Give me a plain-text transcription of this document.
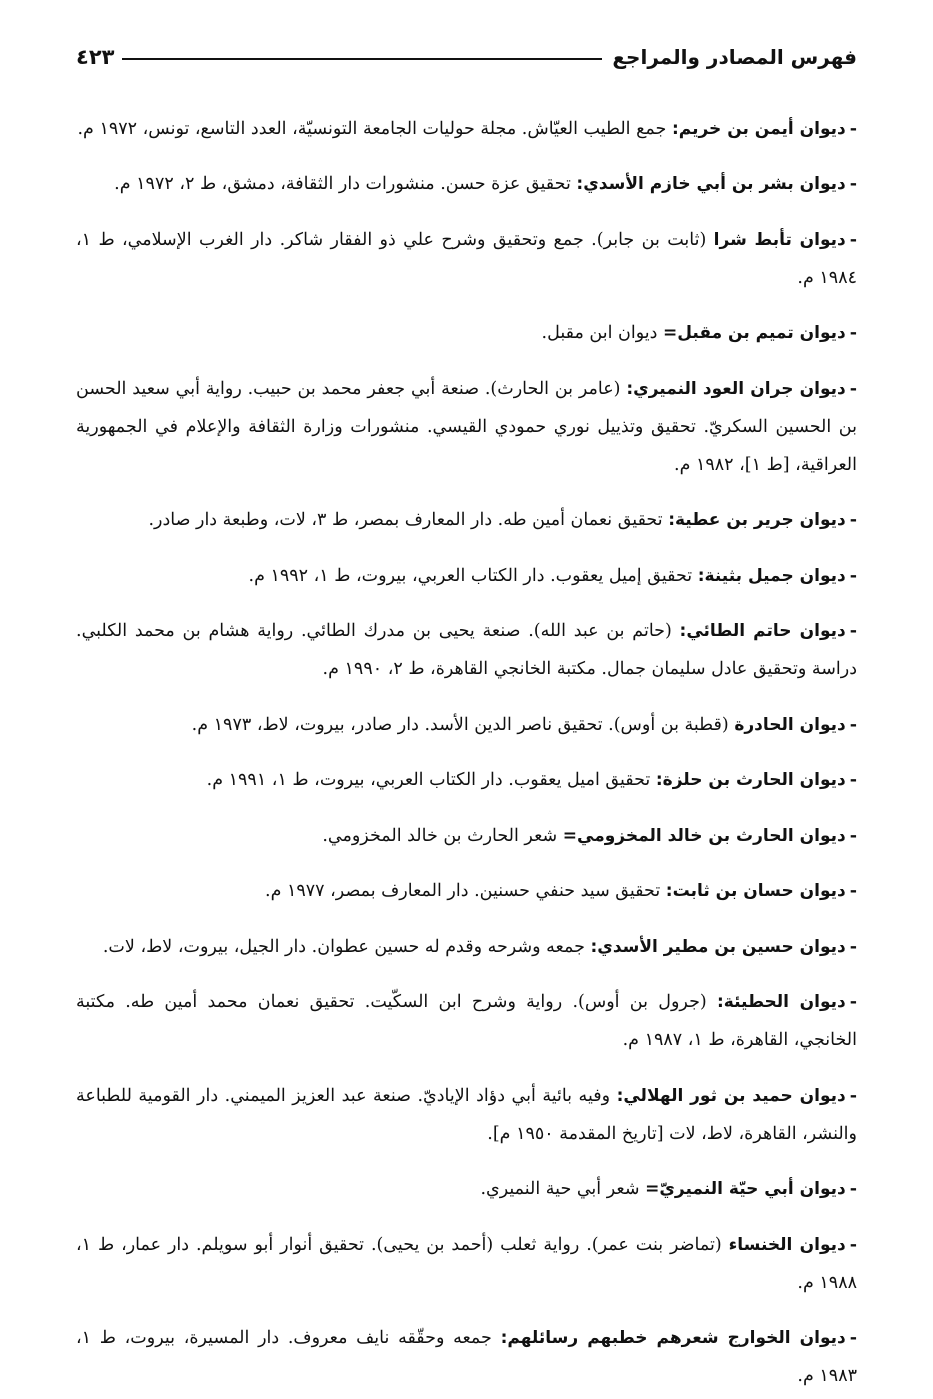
فهرس المصادر والمراجع
٤٢٣

-ديوان أيمن بن خريم: جمع الطيب العيّاش. مجلة حوليات الجامعة التونسيّة، العدد التاسع، تونس، ١٩٧٢ م.

-ديوان بشر بن أبي خازم الأسدي: تحقيق عزة حسن. منشورات دار الثقافة، دمشق، ط ٢، ١٩٧٢ م.

-ديوان تأبط شرا (ثابت بن جابر). جمع وتحقيق وشرح علي ذو الفقار شاكر. دار الغرب الإسلامي، ط ١، ١٩٨٤ م.

-ديوان تميم بن مقبل= ديوان ابن مقبل.

-ديوان جران العود النميري: (عامر بن الحارث). صنعة أبي جعفر محمد بن حبيب. رواية أبي سعيد الحسن بن الحسين السكريّ. تحقيق وتذييل نوري حمودي القيسي. منشورات وزارة الثقافة والإعلام في الجمهورية العراقية، [ط ١]، ١٩٨٢ م.

-ديوان جرير بن عطية: تحقيق نعمان أمين طه. دار المعارف بمصر، ط ٣، لات، وطبعة دار صادر.

-ديوان جميل بثينة: تحقيق إميل يعقوب. دار الكتاب العربي، بيروت، ط ١، ١٩٩٢ م.

-ديوان حاتم الطائي: (حاتم بن عبد الله). صنعة يحيى بن مدرك الطائي. رواية هشام بن محمد الكلبي. دراسة وتحقيق عادل سليمان جمال. مكتبة الخانجي القاهرة، ط ٢، ١٩٩٠ م.

-ديوان الحادرة (قطبة بن أوس). تحقيق ناصر الدين الأسد. دار صادر، بيروت، لاط، ١٩٧٣ م.

-ديوان الحارث بن حلزة: تحقيق اميل يعقوب. دار الكتاب العربي، بيروت، ط ١، ١٩٩١ م.

-ديوان الحارث بن خالد المخزومي= شعر الحارث بن خالد المخزومي.

-ديوان حسان بن ثابت: تحقيق سيد حنفي حسنين. دار المعارف بمصر، ١٩٧٧ م.

-ديوان حسين بن مطير الأسدي: جمعه وشرحه وقدم له حسين عطوان. دار الجيل، بيروت، لاط، لات.

-ديوان الحطيئة: (جرول بن أوس). رواية وشرح ابن السكّيت. تحقيق نعمان محمد أمين طه. مكتبة الخانجي، القاهرة، ط ١، ١٩٨٧ م.

-ديوان حميد بن ثور الهلالي: وفيه بائية أبي دؤاد الإياديّ. صنعة عبد العزيز الميمني. دار القومية للطباعة والنشر، القاهرة، لاط، لات [تاريخ المقدمة ١٩٥٠ م].

-ديوان أبي حيّة النميريّ= شعر أبي حية النميري.

-ديوان الخنساء (تماضر بنت عمر). رواية ثعلب (أحمد بن يحيى). تحقيق أنوار أبو سويلم. دار عمار، ط ١، ١٩٨٨ م.

-ديوان الخوارج شعرهم خطبهم رسائلهم: جمعه وحقّقه نايف معروف. دار المسيرة، بيروت، ط ١، ١٩٨٣ م.
